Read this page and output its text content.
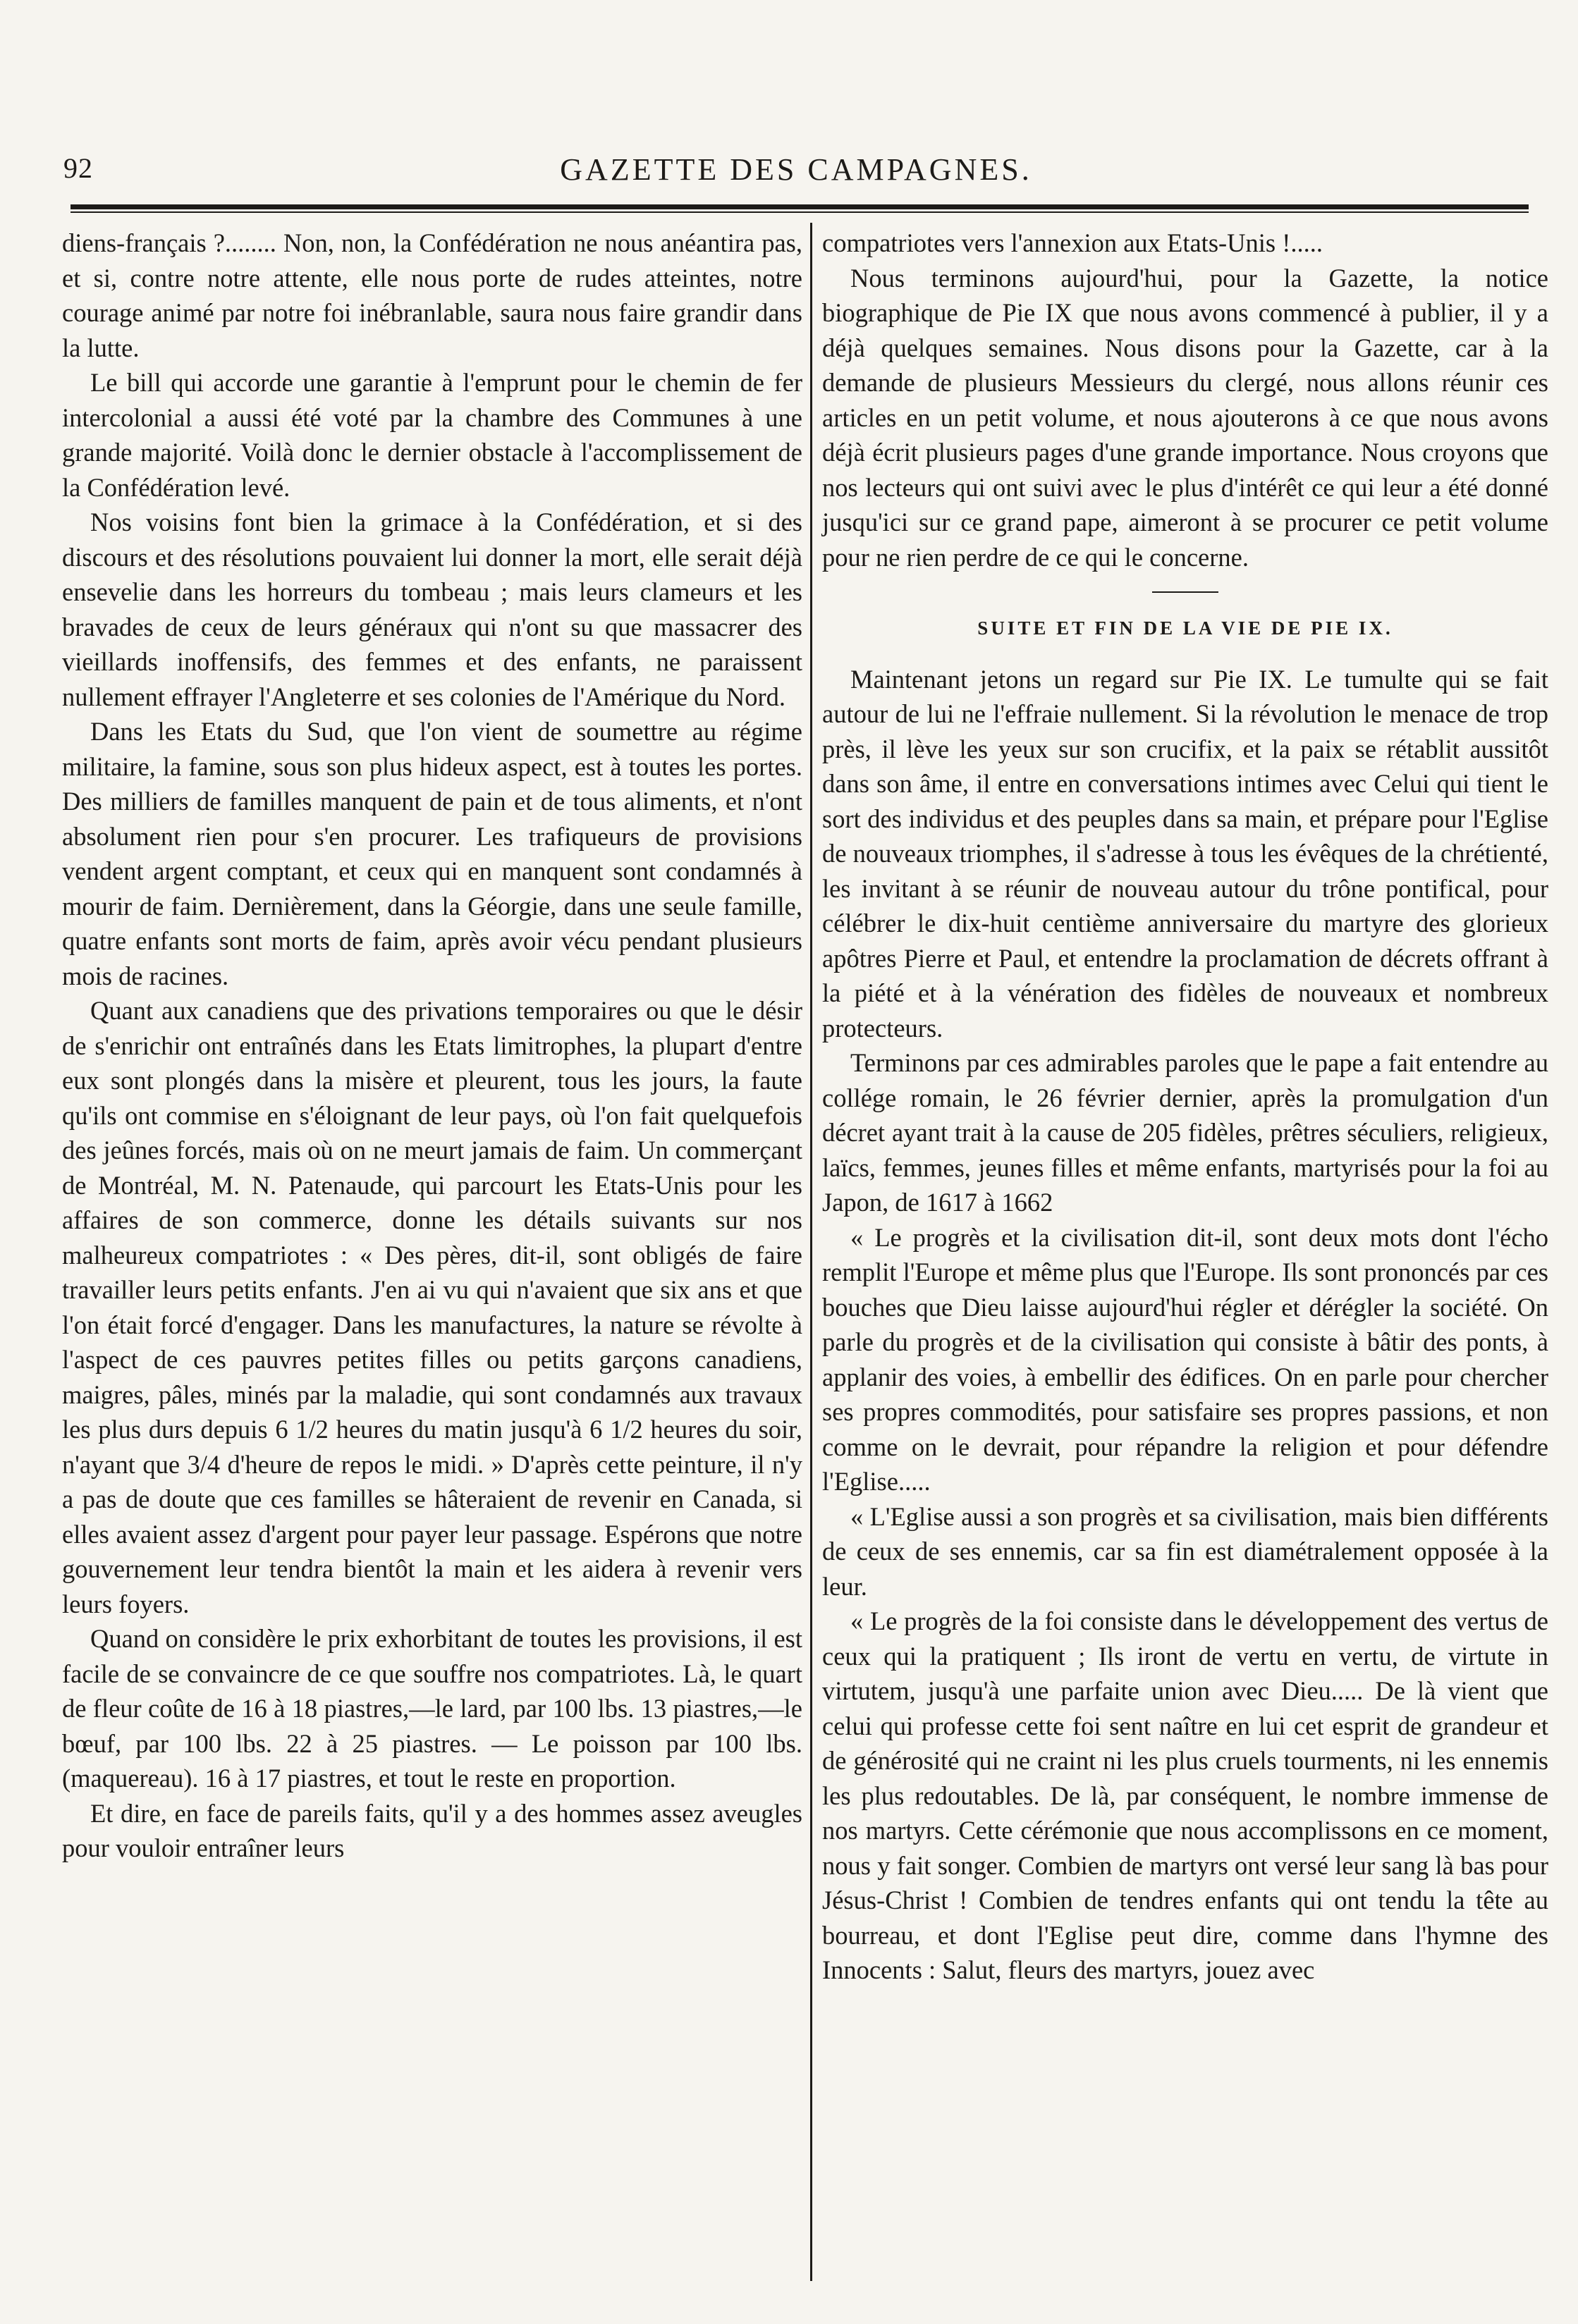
92	GAZETTE DES CAMPAGNES.

diens-français ?........ Non, non, la Confédération ne nous anéantira pas, et si, contre notre attente, elle nous porte de rudes atteintes, notre courage animé par notre foi inébranlable, saura nous faire grandir dans la lutte.

Le bill qui accorde une garantie à l'emprunt pour le chemin de fer intercolonial a aussi été voté par la chambre des Communes à une grande majorité. Voilà donc le dernier obstacle à l'accomplissement de la Confédération levé.

Nos voisins font bien la grimace à la Confédération, et si des discours et des résolutions pouvaient lui donner la mort, elle serait déjà ensevelie dans les horreurs du tombeau ; mais leurs clameurs et les bravades de ceux de leurs généraux qui n'ont su que massacrer des vieillards inoffensifs, des femmes et des enfants, ne paraissent nullement effrayer l'Angleterre et ses colonies de l'Amérique du Nord.

Dans les Etats du Sud, que l'on vient de soumettre au régime militaire, la famine, sous son plus hideux aspect, est à toutes les portes. Des milliers de familles manquent de pain et de tous aliments, et n'ont absolument rien pour s'en procurer. Les trafiqueurs de provisions vendent argent comptant, et ceux qui en manquent sont condamnés à mourir de faim. Dernièrement, dans la Géorgie, dans une seule famille, quatre enfants sont morts de faim, après avoir vécu pendant plusieurs mois de racines.

Quant aux canadiens que des privations temporaires ou que le désir de s'enrichir ont entraînés dans les Etats limitrophes, la plupart d'entre eux sont plongés dans la misère et pleurent, tous les jours, la faute qu'ils ont commise en s'éloignant de leur pays, où l'on fait quelquefois des jeûnes forcés, mais où on ne meurt jamais de faim. Un commerçant de Montréal, M. N. Patenaude, qui parcourt les Etats-Unis pour les affaires de son commerce, donne les détails suivants sur nos malheureux compatriotes : « Des pères, dit-il, sont obligés de faire travailler leurs petits enfants. J'en ai vu qui n'avaient que six ans et que l'on était forcé d'engager. Dans les manufactures, la nature se révolte à l'aspect de ces pauvres petites filles ou petits garçons canadiens, maigres, pâles, minés par la maladie, qui sont condamnés aux travaux les plus durs depuis 6 1/2 heures du matin jusqu'à 6 1/2 heures du soir, n'ayant que 3/4 d'heure de repos le midi. » D'après cette peinture, il n'y a pas de doute que ces familles se hâteraient de revenir en Canada, si elles avaient assez d'argent pour payer leur passage. Espérons que notre gouvernement leur tendra bientôt la main et les aidera à revenir vers leurs foyers.

Quand on considère le prix exhorbitant de toutes les provisions, il est facile de se convaincre de ce que souffre nos compatriotes. Là, le quart de fleur coûte de 16 à 18 piastres,—le lard, par 100 lbs. 13 piastres,—le bœuf, par 100 lbs. 22 à 25 piastres. — Le poisson par 100 lbs. (maquereau). 16 à 17 piastres, et tout le reste en proportion.

Et dire, en face de pareils faits, qu'il y a des hommes assez aveugles pour vouloir entraîner leurs

compatriotes vers l'annexion aux Etats-Unis !.....

Nous terminons aujourd'hui, pour la Gazette, la notice biographique de Pie IX que nous avons commencé à publier, il y a déjà quelques semaines. Nous disons pour la Gazette, car à la demande de plusieurs Messieurs du clergé, nous allons réunir ces articles en un petit volume, et nous ajouterons à ce que nous avons déjà écrit plusieurs pages d'une grande importance. Nous croyons que nos lecteurs qui ont suivi avec le plus d'intérêt ce qui leur a été donné jusqu'ici sur ce grand pape, aimeront à se procurer ce petit volume pour ne rien perdre de ce qui le concerne.

SUITE ET FIN DE LA VIE DE PIE IX.

Maintenant jetons un regard sur Pie IX. Le tumulte qui se fait autour de lui ne l'effraie nullement. Si la révolution le menace de trop près, il lève les yeux sur son crucifix, et la paix se rétablit aussitôt dans son âme, il entre en conversations intimes avec Celui qui tient le sort des individus et des peuples dans sa main, et prépare pour l'Eglise de nouveaux triomphes, il s'adresse à tous les évêques de la chrétienté, les invitant à se réunir de nouveau autour du trône pontifical, pour célébrer le dix-huit centième anniversaire du martyre des glorieux apôtres Pierre et Paul, et entendre la proclamation de décrets offrant à la piété et à la vénération des fidèles de nouveaux et nombreux protecteurs.

Terminons par ces admirables paroles que le pape a fait entendre au collége romain, le 26 février dernier, après la promulgation d'un décret ayant trait à la cause de 205 fidèles, prêtres séculiers, religieux, laïcs, femmes, jeunes filles et même enfants, martyrisés pour la foi au Japon, de 1617 à 1662

« Le progrès et la civilisation dit-il, sont deux mots dont l'écho remplit l'Europe et même plus que l'Europe. Ils sont prononcés par ces bouches que Dieu laisse aujourd'hui régler et dérégler la société. On parle du progrès et de la civilisation qui consiste à bâtir des ponts, à applanir des voies, à embellir des édifices. On en parle pour chercher ses propres commodités, pour satisfaire ses propres passions, et non comme on le devrait, pour répandre la religion et pour défendre l'Eglise.....

« L'Eglise aussi a son progrès et sa civilisation, mais bien différents de ceux de ses ennemis, car sa fin est diamétralement opposée à la leur.

« Le progrès de la foi consiste dans le développement des vertus de ceux qui la pratiquent ; Ils iront de vertu en vertu, de virtute in virtutem, jusqu'à une parfaite union avec Dieu..... De là vient que celui qui professe cette foi sent naître en lui cet esprit de grandeur et de générosité qui ne craint ni les plus cruels tourments, ni les ennemis les plus redoutables. De là, par conséquent, le nombre immense de nos martyrs. Cette cérémonie que nous accomplissons en ce moment, nous y fait songer. Combien de martyrs ont versé leur sang là bas pour Jésus-Christ ! Combien de tendres enfants qui ont tendu la tête au bourreau, et dont l'Eglise peut dire, comme dans l'hymne des Innocents : Salut, fleurs des martyrs, jouez avec
